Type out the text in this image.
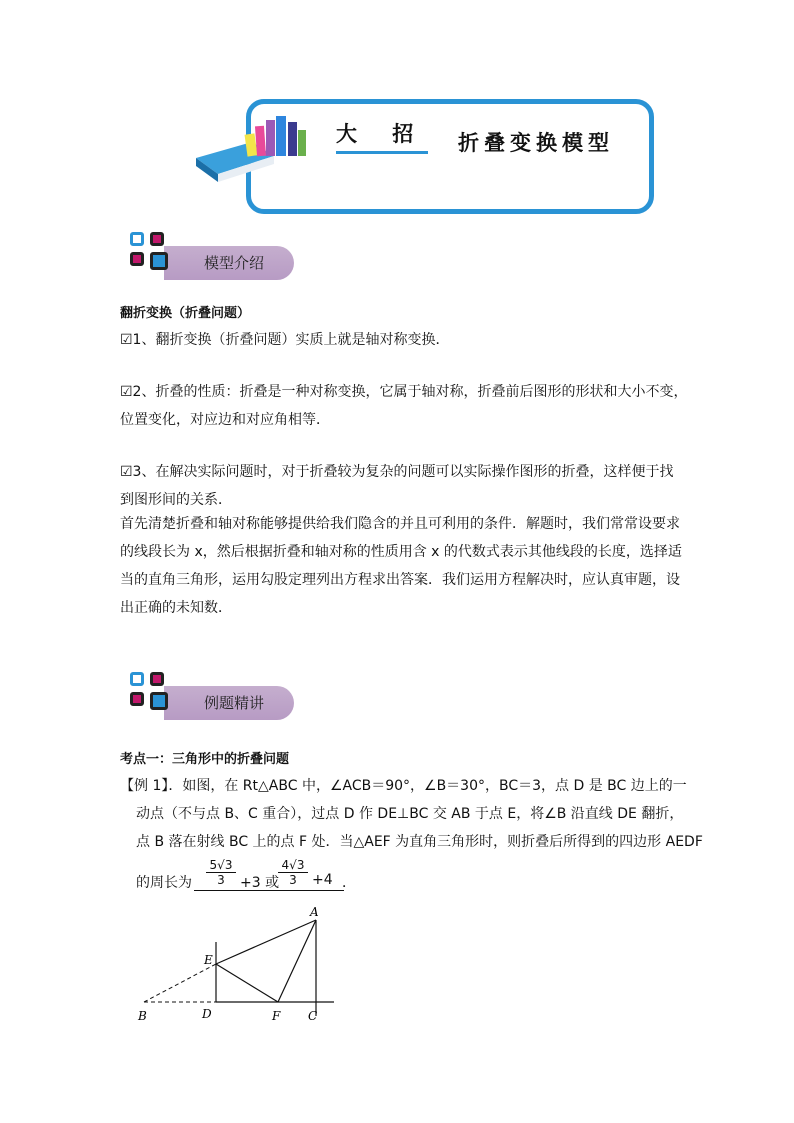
大 招 折叠变换模型
模型介绍
翻折变换（折叠问题）
☑1、翻折变换（折叠问题）实质上就是轴对称变换．
☑2、折叠的性质：折叠是一种对称变换，它属于轴对称，折叠前后图形的形状和大小不变，
位置变化，对应边和对应角相等．
☑3、在解决实际问题时，对于折叠较为复杂的问题可以实际操作图形的折叠，这样便于找
到图形间的关系．
首先清楚折叠和轴对称能够提供给我们隐含的并且可利用的条件．解题时，我们常常设要求
的线段长为 x，然后根据折叠和轴对称的性质用含 x 的代数式表示其他线段的长度，选择适
当的直角三角形，运用勾股定理列出方程求出答案．我们运用方程解决时，应认真审题，设
出正确的未知数．
例题精讲
考点一：三角形中的折叠问题
【例 1】．如图，在 Rt△ABC 中，∠ACB＝90°，∠B＝30°，BC＝3，点 D 是 BC 边上的一
动点（不与点 B、C 重合），过点 D 作 DE⊥BC 交 AB 于点 E，将∠B 沿直线 DE 翻折，
点 B 落在射线 BC 上的点 F 处．当△AEF 为直角三角形时，则折叠后所得到的四边形 AEDF
的周长为 $\frac{5√3}{3} +3$ 或
$\frac{4√3}{3} +4$ ．
A
E
B	D	F C
